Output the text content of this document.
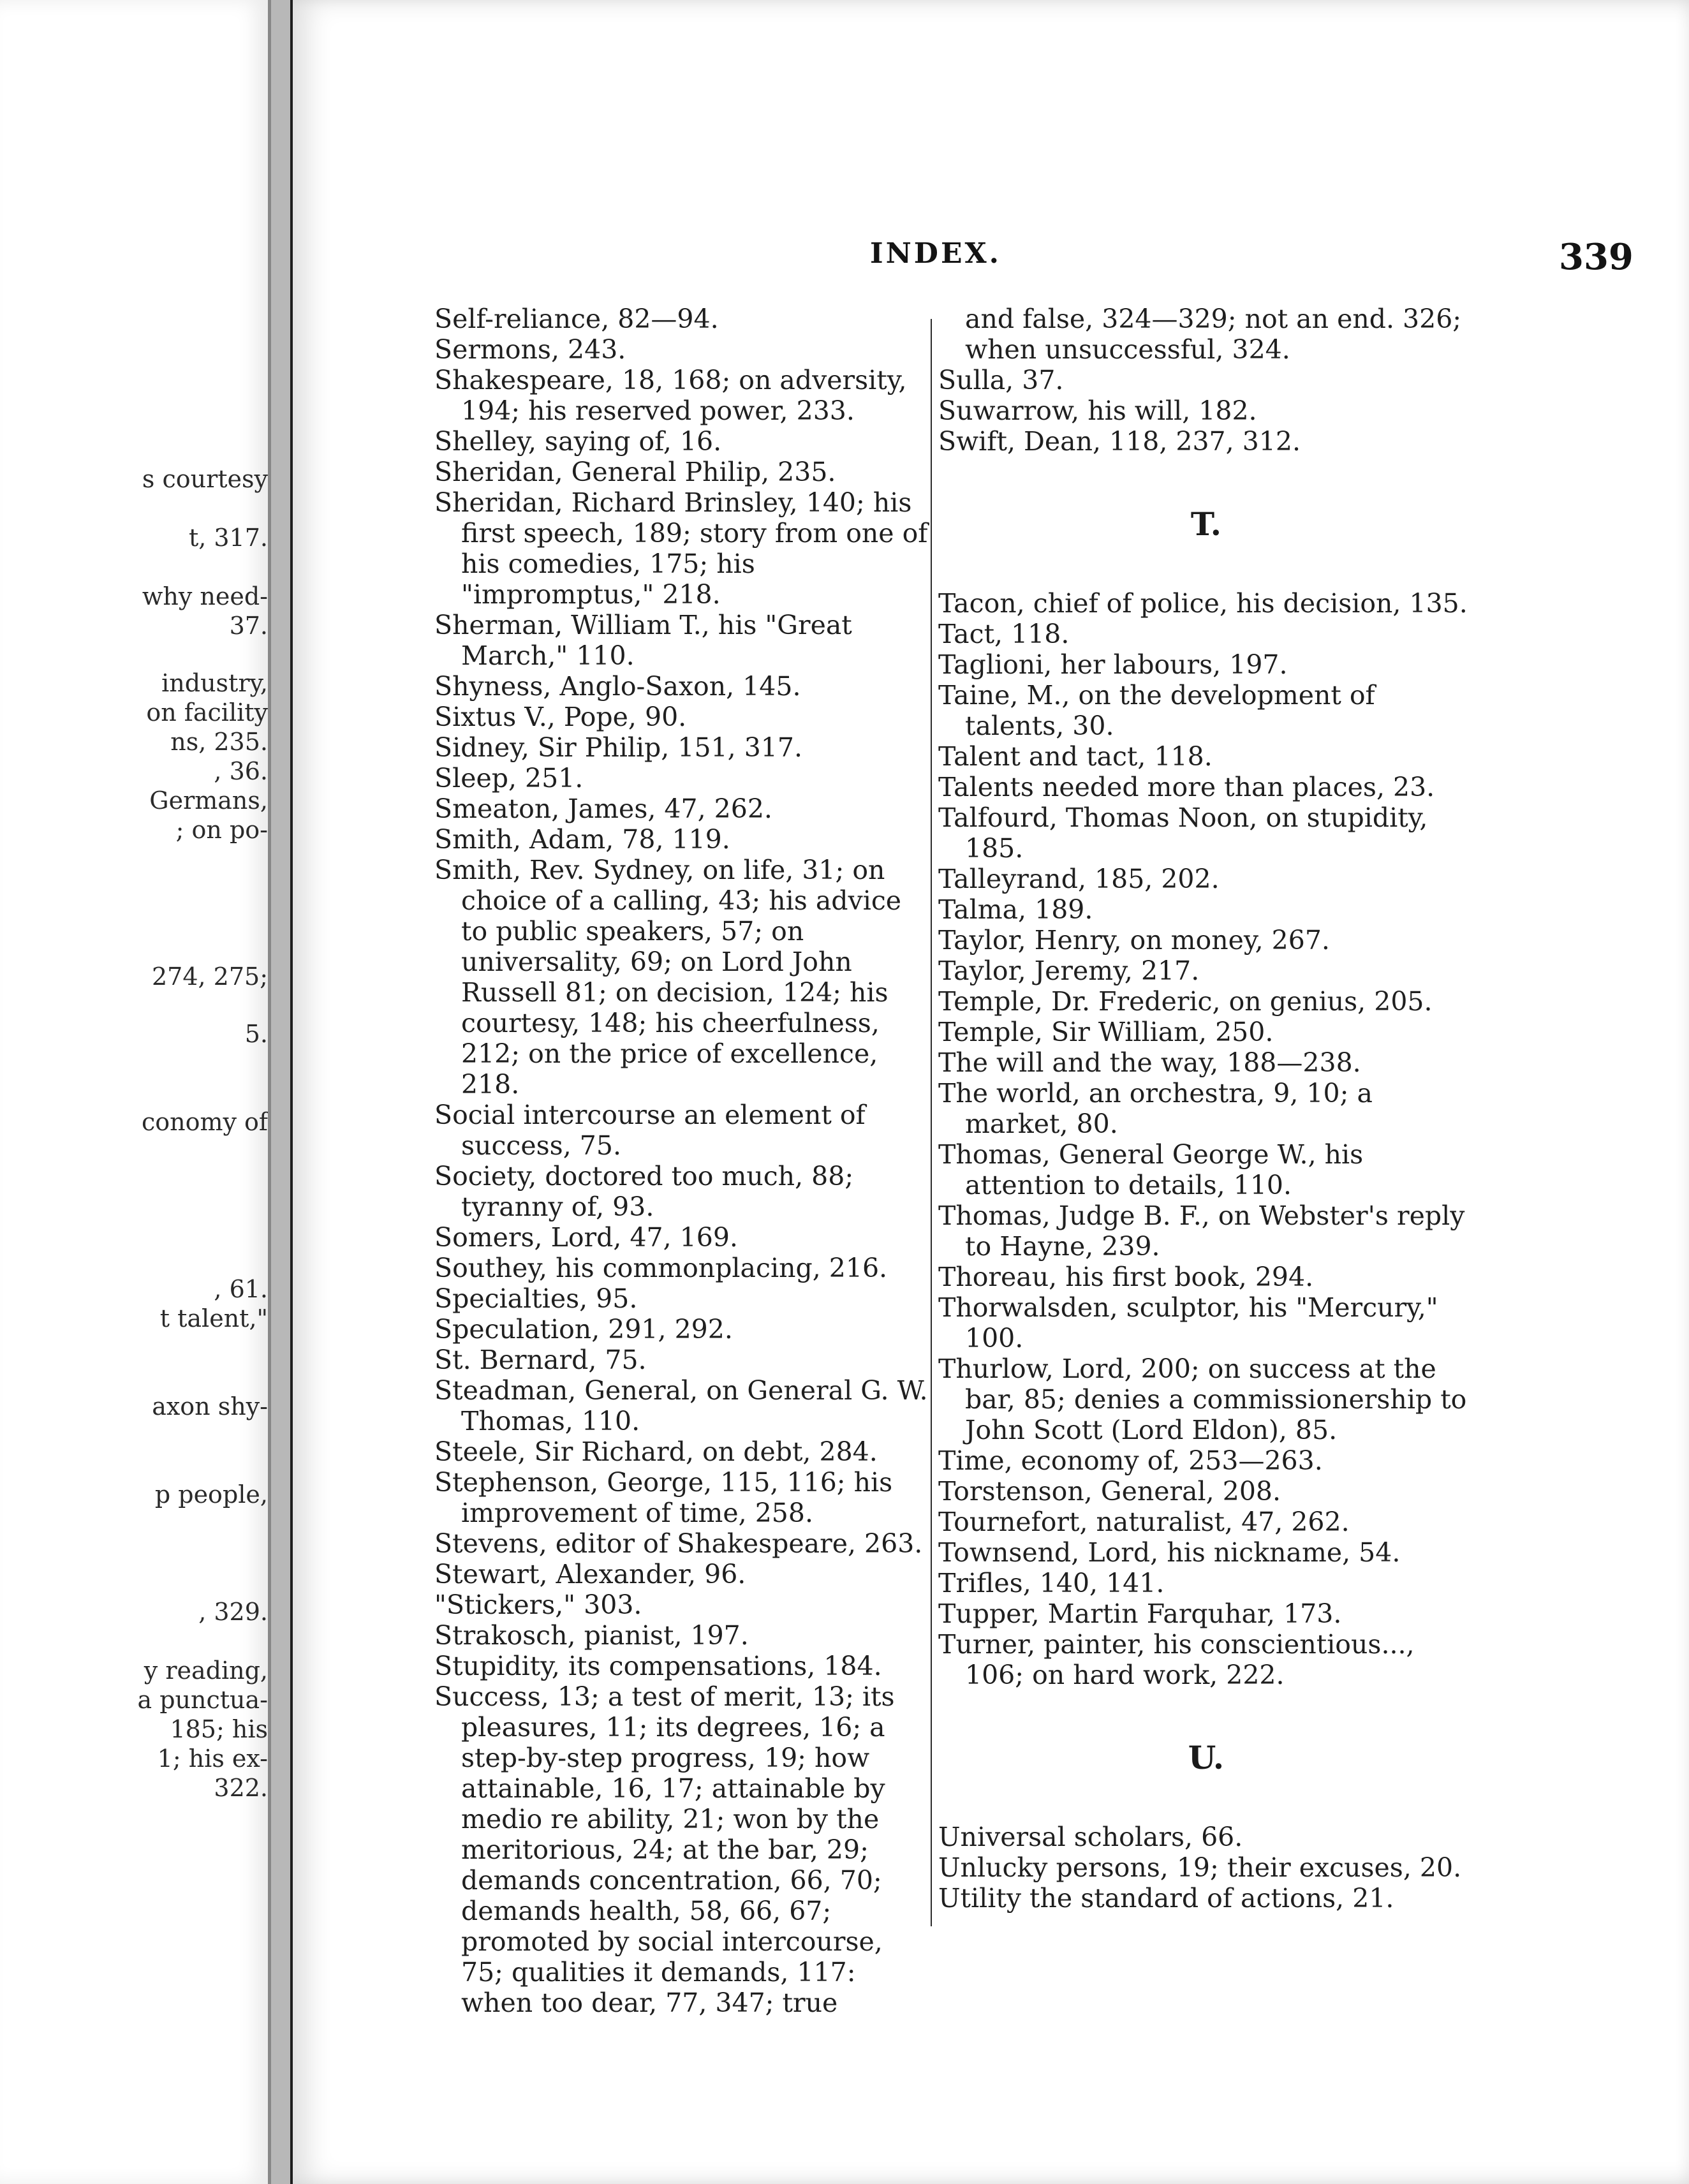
s courtesy
t, 317.
why need-
37.
industry,
on facility
ns, 235.
, 36.
Germans,
; on po-
274, 275;
5.
conomy of
, 61.
t talent,"
axon shy-
p people,
, 329.
y reading,
a punctua-
185; his
1; his ex-
322.
INDEX.	339

Self-reliance, 82—94.

Sermons, 243.

Shakespeare, 18, 168; on adversity, 194; his reserved power, 233.

Shelley, saying of, 16.

Sheridan, General Philip, 235.

Sheridan, Richard Brinsley, 140; his first speech, 189; story from one of his comedies, 175; his "impromptus," 218.

Sherman, William T., his "Great March," 110.

Shyness, Anglo-Saxon, 145.

Sixtus V., Pope, 90.

Sidney, Sir Philip, 151, 317.

Sleep, 251.

Smeaton, James, 47, 262.

Smith, Adam, 78, 119.

Smith, Rev. Sydney, on life, 31; on choice of a calling, 43; his advice to public speakers, 57; on universality, 69; on Lord John Russell 81; on decision, 124; his courtesy, 148; his cheerfulness, 212; on the price of excellence, 218.

Social intercourse an element of success, 75.

Society, doctored too much, 88; tyranny of, 93.

Somers, Lord, 47, 169.

Southey, his commonplacing, 216.

Specialties, 95.

Speculation, 291, 292.

St. Bernard, 75.

Steadman, General, on General G. W. Thomas, 110.

Steele, Sir Richard, on debt, 284.

Stephenson, George, 115, 116; his improvement of time, 258.

Stevens, editor of Shakespeare, 263.

Stewart, Alexander, 96.

"Stickers," 303.

Strakosch, pianist, 197.

Stupidity, its compensations, 184.

Success, 13; a test of merit, 13; its pleasures, 11; its degrees, 16; a step-by-step progress, 19; how attainable, 16, 17; attainable by medio re ability, 21; won by the meritorious, 24; at the bar, 29; demands concentration, 66, 70; demands health, 58, 66, 67; promoted by social intercourse, 75; qualities it demands, 117: when too dear, 77, 347; true

and false, 324—329; not an end. 326; when unsuccessful, 324.

Sulla, 37.

Suwarrow, his will, 182.

Swift, Dean, 118, 237, 312.

T.

Tacon, chief of police, his decision, 135.

Tact, 118.

Taglioni, her labours, 197.

Taine, M., on the development of talents, 30.

Talent and tact, 118.

Talents needed more than places, 23.

Talfourd, Thomas Noon, on stupidity, 185.

Talleyrand, 185, 202.

Talma, 189.

Taylor, Henry, on money, 267.

Taylor, Jeremy, 217.

Temple, Dr. Frederic, on genius, 205.

Temple, Sir William, 250.

The will and the way, 188—238.

The world, an orchestra, 9, 10; a market, 80.

Thomas, General George W., his attention to details, 110.

Thomas, Judge B. F., on Webster's reply to Hayne, 239.

Thoreau, his first book, 294.

Thorwalsden, sculptor, his "Mercury," 100.

Thurlow, Lord, 200; on success at the bar, 85; denies a commissionership to John Scott (Lord Eldon), 85.

Time, economy of, 253—263.

Torstenson, General, 208.

Tournefort, naturalist, 47, 262.

Townsend, Lord, his nickname, 54.

Trifles, 140, 141.

Tupper, Martin Farquhar, 173.

Turner, painter, his conscientious..., 106; on hard work, 222.

U.

Universal scholars, 66.

Unlucky persons, 19; their excuses, 20.

Utility the standard of actions, 21.
